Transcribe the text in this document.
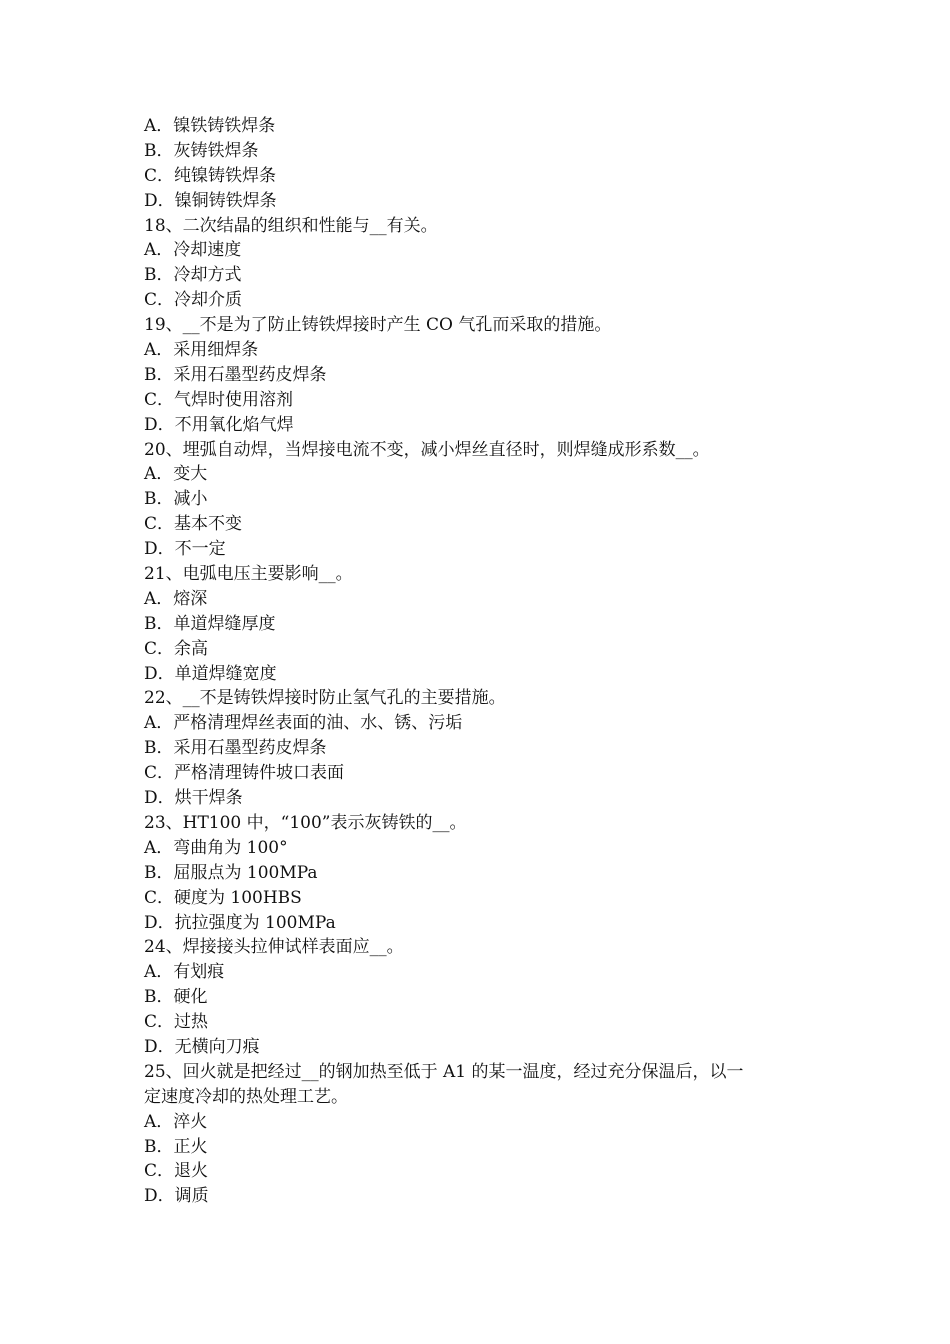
A．镍铁铸铁焊条
B．灰铸铁焊条
C．纯镍铸铁焊条
D．镍铜铸铁焊条
18、二次结晶的组织和性能与__有关。
A．冷却速度
B．冷却方式
C．冷却介质
19、__不是为了防止铸铁焊接时产生 CO 气孔而采取的措施。
A．采用细焊条
B．采用石墨型药皮焊条
C．气焊时使用溶剂
D．不用氧化焰气焊
20、埋弧自动焊，当焊接电流不变，减小焊丝直径时，则焊缝成形系数__。
A．变大
B．减小
C．基本不变
D．不一定
21、电弧电压主要影响__。
A．熔深
B．单道焊缝厚度
C．余高
D．单道焊缝宽度
22、__不是铸铁焊接时防止氢气孔的主要措施。
A．严格清理焊丝表面的油、水、锈、污垢
B．采用石墨型药皮焊条
C．严格清理铸件坡口表面
D．烘干焊条
23、HT100 中，“100”表示灰铸铁的__。
A．弯曲角为 100°
B．屈服点为 100MPa
C．硬度为 100HBS
D．抗拉强度为 100MPa
24、焊接接头拉伸试样表面应__。
A．有划痕
B．硬化
C．过热
D．无横向刀痕
25、回火就是把经过__的钢加热至低于 A1 的某一温度，经过充分保温后，以一
定速度冷却的热处理工艺。
A．淬火
B．正火
C．退火
D．调质
